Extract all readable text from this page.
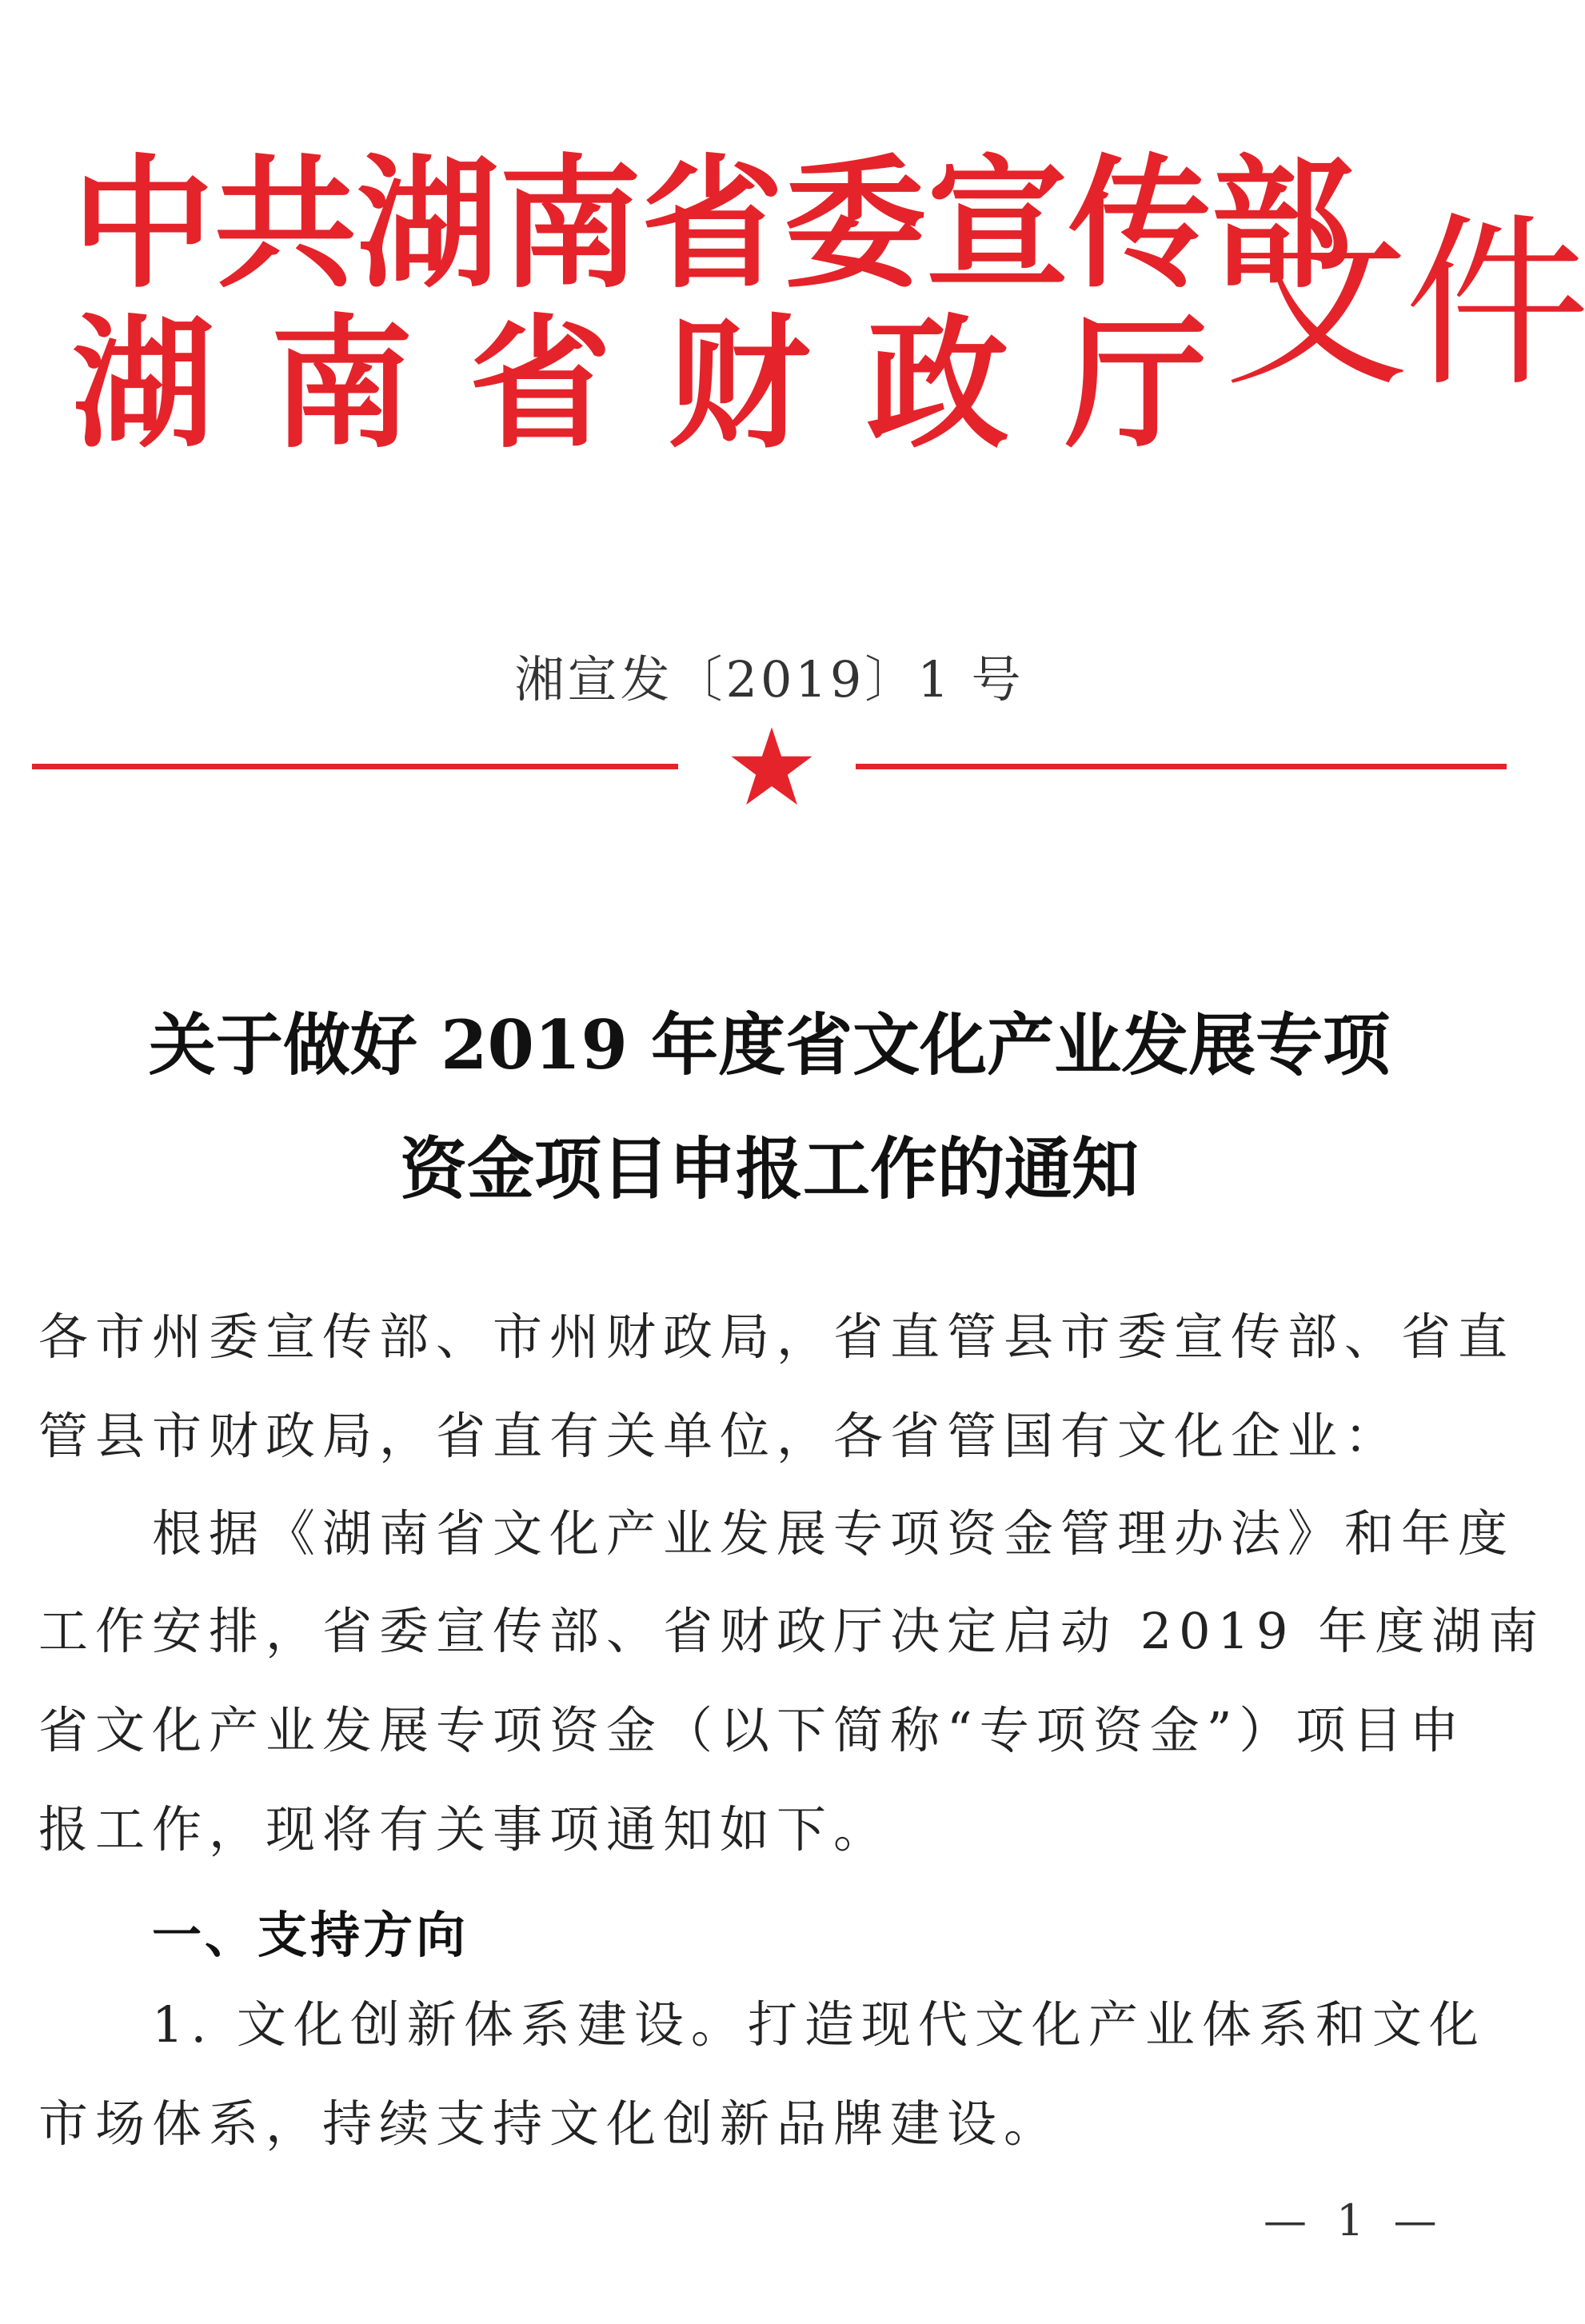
中共湖南省委宣传部
湖 南 省 财 政 厅 文件
湘宣发〔2019〕1 号
关于做好 2019 年度省文化产业发展专项
资金项目申报工作的通知
各市州委宣传部、市州财政局，省直管县市委宣传部、省直
管县市财政局，省直有关单位，各省管国有文化企业：
　　根据《湖南省文化产业发展专项资金管理办法》和年度
工作安排，省委宣传部、省财政厅决定启动 2019 年度湖南
省文化产业发展专项资金（以下简称“专项资金”）项目申
报工作，现将有关事项通知如下。
一、支持方向
　　1. 文化创新体系建设。打造现代文化产业体系和文化
市场体系，持续支持文化创新品牌建设。
— 1 —
